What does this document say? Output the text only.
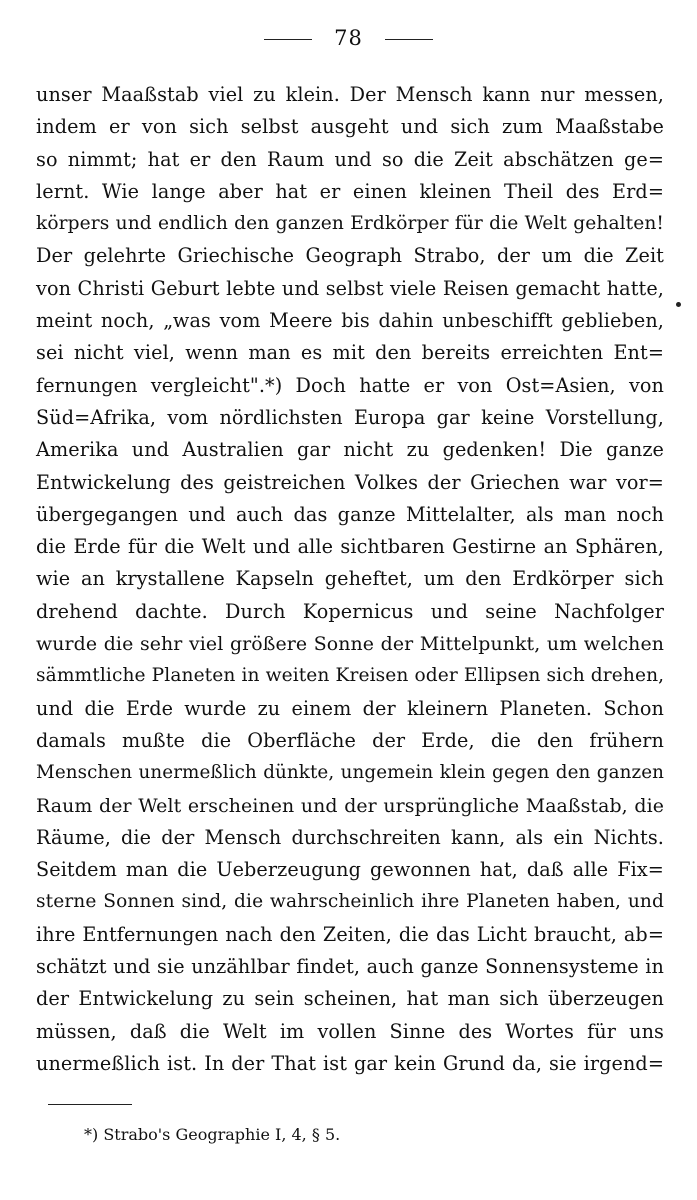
78
unser Maaßstab viel zu klein. Der Mensch kann nur messen,
indem er von sich selbst ausgeht und sich zum Maaßstabe
so nimmt; hat er den Raum und so die Zeit abschätzen ge=
lernt. Wie lange aber hat er einen kleinen Theil des Erd=
körpers und endlich den ganzen Erdkörper für die Welt gehalten!
Der gelehrte Griechische Geograph Strabo, der um die Zeit
von Christi Geburt lebte und selbst viele Reisen gemacht hatte,
meint noch, „was vom Meere bis dahin unbeschifft geblieben,
sei nicht viel, wenn man es mit den bereits erreichten Ent=
fernungen vergleicht".*) Doch hatte er von Ost=Asien, von
Süd=Afrika, vom nördlichsten Europa gar keine Vorstellung,
Amerika und Australien gar nicht zu gedenken! Die ganze
Entwickelung des geistreichen Volkes der Griechen war vor=
übergegangen und auch das ganze Mittelalter, als man noch
die Erde für die Welt und alle sichtbaren Gestirne an Sphären,
wie an krystallene Kapseln geheftet, um den Erdkörper sich
drehend dachte. Durch Kopernicus und seine Nachfolger
wurde die sehr viel größere Sonne der Mittelpunkt, um welchen
sämmtliche Planeten in weiten Kreisen oder Ellipsen sich drehen,
und die Erde wurde zu einem der kleinern Planeten. Schon
damals mußte die Oberfläche der Erde, die den frühern
Menschen unermeßlich dünkte, ungemein klein gegen den ganzen
Raum der Welt erscheinen und der ursprüngliche Maaßstab, die
Räume, die der Mensch durchschreiten kann, als ein Nichts.
Seitdem man die Ueberzeugung gewonnen hat, daß alle Fix=
sterne Sonnen sind, die wahrscheinlich ihre Planeten haben, und
ihre Entfernungen nach den Zeiten, die das Licht braucht, ab=
schätzt und sie unzählbar findet, auch ganze Sonnensysteme in
der Entwickelung zu sein scheinen, hat man sich überzeugen
müssen, daß die Welt im vollen Sinne des Wortes für uns
unermeßlich ist. In der That ist gar kein Grund da, sie irgend=
*) Strabo's Geographie I, 4, § 5.
